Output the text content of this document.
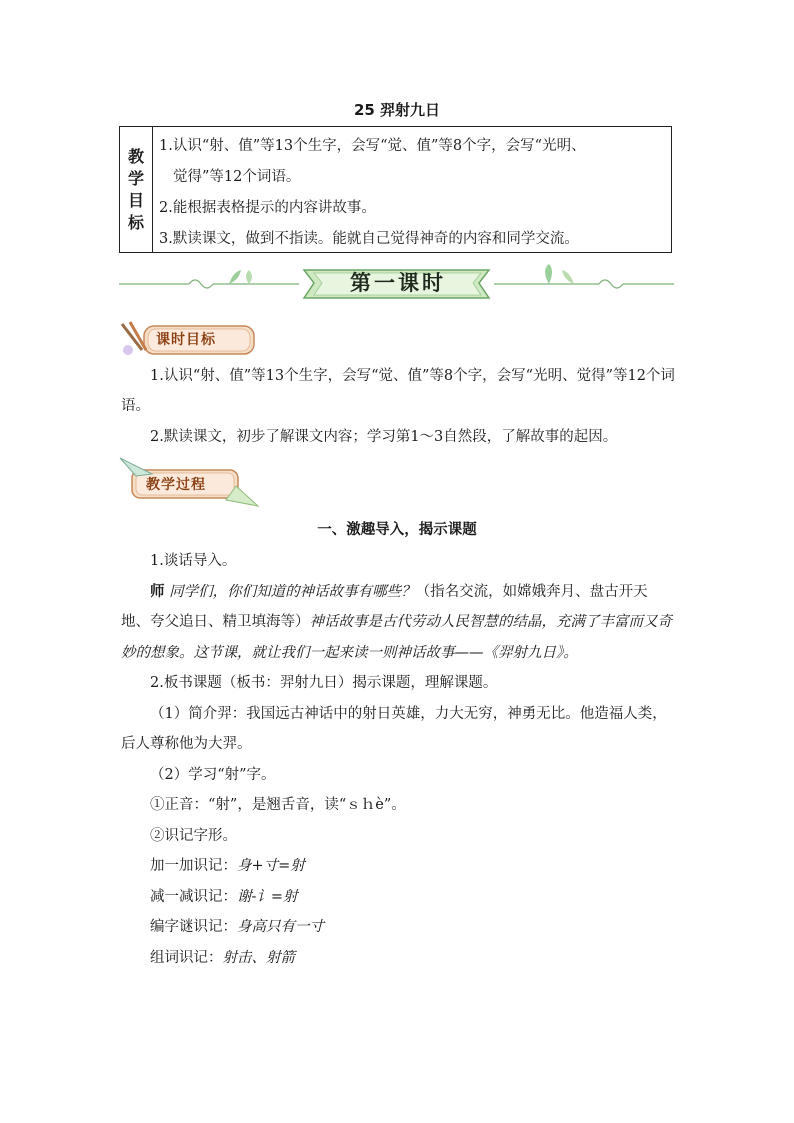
25 羿射九日
教
学
目
标
1.认识“射、值”等13个生字，会写“觉、值”等8个字，会写“光明、
觉得”等12个词语。
2.能根据表格提示的内容讲故事。
3.默读课文，做到不指读。能就自己觉得神奇的内容和同学交流。
第一课时
课时目标
1.认识“射、值”等13个生字，会写“觉、值”等8个字，会写“光明、觉得”等12个词语。
2.默读课文，初步了解课文内容；学习第1～3自然段，了解故事的起因。
教学过程
一、激趣导入，揭示课题

1.谈话导入。

师 同学们，你们知道的神话故事有哪些？（指名交流，如嫦娥奔月、盘古开天地、夸父追日、精卫填海等）神话故事是古代劳动人民智慧的结晶，充满了丰富而又奇妙的想象。这节课，就让我们一起来读一则神话故事——《羿射九日》。

2.板书课题（板书：羿射九日）揭示课题，理解课题。

（1）简介羿：我国远古神话中的射日英雄，力大无穷，神勇无比。他造福人类，后人尊称他为大羿。

（2）学习“射”字。

①正音：“射”，是翘舌音，读“ｓｈè”。

②识记字形。

加一加识记：身+寸=射

减一减识记：谢-讠=射

编字谜识记：身高只有一寸

组词识记：射击、射箭
